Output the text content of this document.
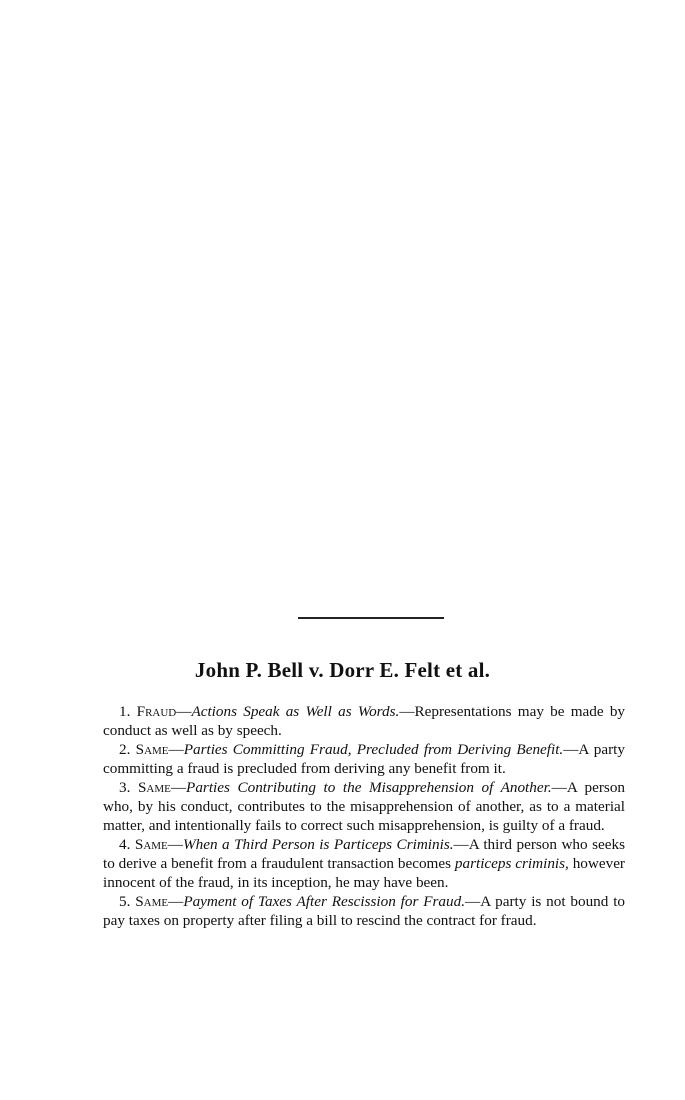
John P. Bell v. Dorr E. Felt et al.

1. Fraud—Actions Speak as Well as Words.—Representations may be made by conduct as well as by speech.

2. Same—Parties Committing Fraud, Precluded from Deriving Benefit.—A party committing a fraud is precluded from deriving any benefit from it.

3. Same—Parties Contributing to the Misapprehension of Another.—A person who, by his conduct, contributes to the misapprehension of another, as to a material matter, and intentionally fails to correct such misapprehension, is guilty of a fraud.

4. Same—When a Third Person is Particeps Criminis.—A third person who seeks to derive a benefit from a fraudulent transaction becomes particeps criminis, however innocent of the fraud, in its inception, he may have been.

5. Same—Payment of Taxes After Rescission for Fraud.—A party is not bound to pay taxes on property after filing a bill to rescind the contract for fraud.
